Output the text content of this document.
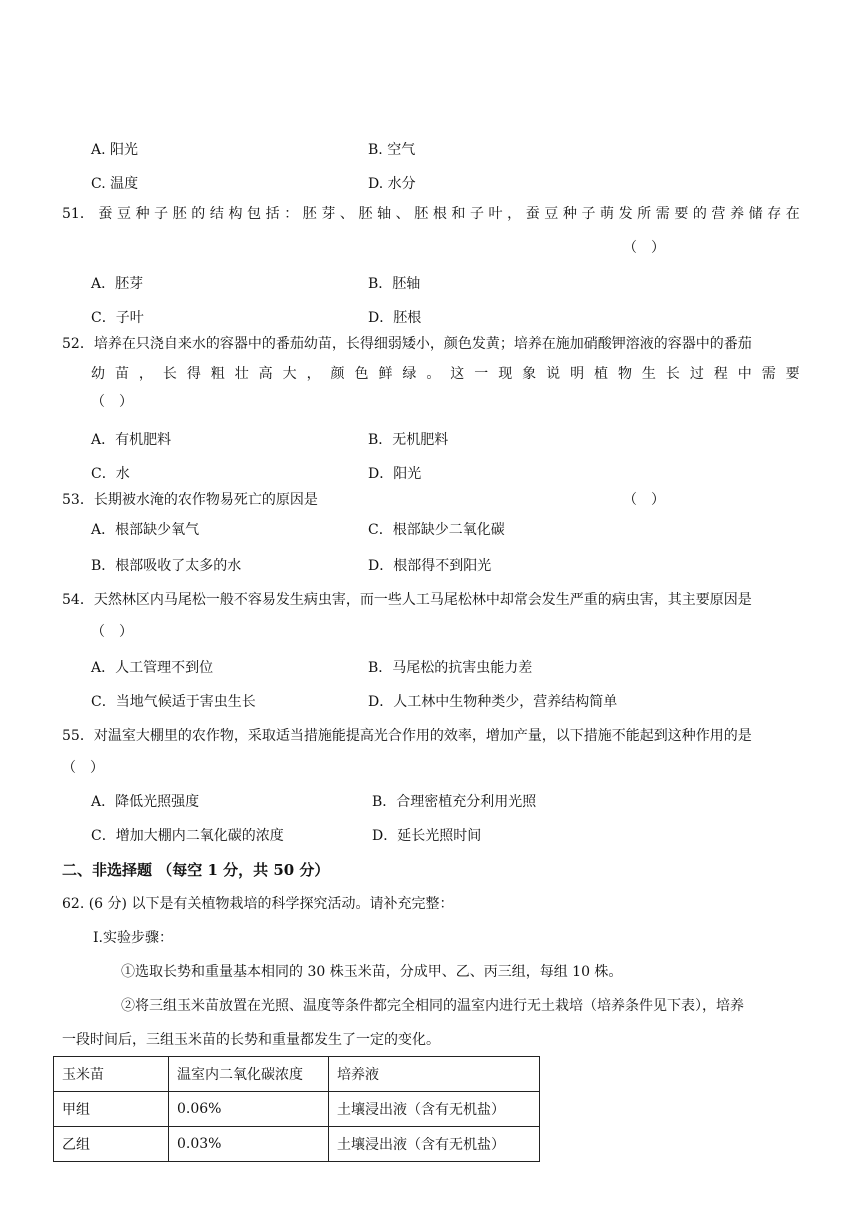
A. 阳光	B. 空气
C. 温度	D. 水分
51． 蚕 豆 种 子 胚 的 结 构 包 括 ： 胚 芽 、 胚 轴 、 胚 根 和 子 叶 ， 蚕 豆 种 子 萌 发 所 需 要 的 营 养 储 存 在
（　）
A．胚芽	B．胚轴
C．子叶	D．胚根
52．培养在只浇自来水的容器中的番茄幼苗，长得细弱矮小，颜色发黄；培养在施加硝酸钾溶液的容器中的番茄
幼 苗 ， 长 得 粗 壮 高 大 ， 颜 色 鲜 绿 。 这 一 现 象 说 明 植 物 生 长 过 程 中 需 要
（　）
A．有机肥料	B．无机肥料
C．水	D．阳光
53．长期被水淹的农作物易死亡的原因是	（　）
A．根部缺少氧气	C．根部缺少二氧化碳
B．根部吸收了太多的水	D．根部得不到阳光
54．天然林区内马尾松一般不容易发生病虫害，而一些人工马尾松林中却常会发生严重的病虫害，其主要原因是
（　）
A．人工管理不到位	B．马尾松的抗害虫能力差
C．当地气候适于害虫生长	D．人工林中生物种类少，营养结构简单
55．对温室大棚里的农作物，采取适当措施能提高光合作用的效率，增加产量，以下措施不能起到这种作用的是
（　）
A．降低光照强度	B．合理密植充分利用光照
C．增加大棚内二氧化碳的浓度	D．延长光照时间
二、非选择题 （每空 1 分，共 50 分）
62. (6 分) 以下是有关植物栽培的科学探究活动。请补充完整：
Ⅰ.实验步骤：
①选取长势和重量基本相同的 30 株玉米苗，分成甲、乙、丙三组，每组 10 株。
②将三组玉米苗放置在光照、温度等条件都完全相同的温室内进行无土栽培（培养条件见下表），培养
一段时间后，三组玉米苗的长势和重量都发生了一定的变化。
玉米苗	温室内二氧化碳浓度	培养液
甲组	0.06%	土壤浸出液（含有无机盐）
乙组	0.03%	土壤浸出液（含有无机盐）
